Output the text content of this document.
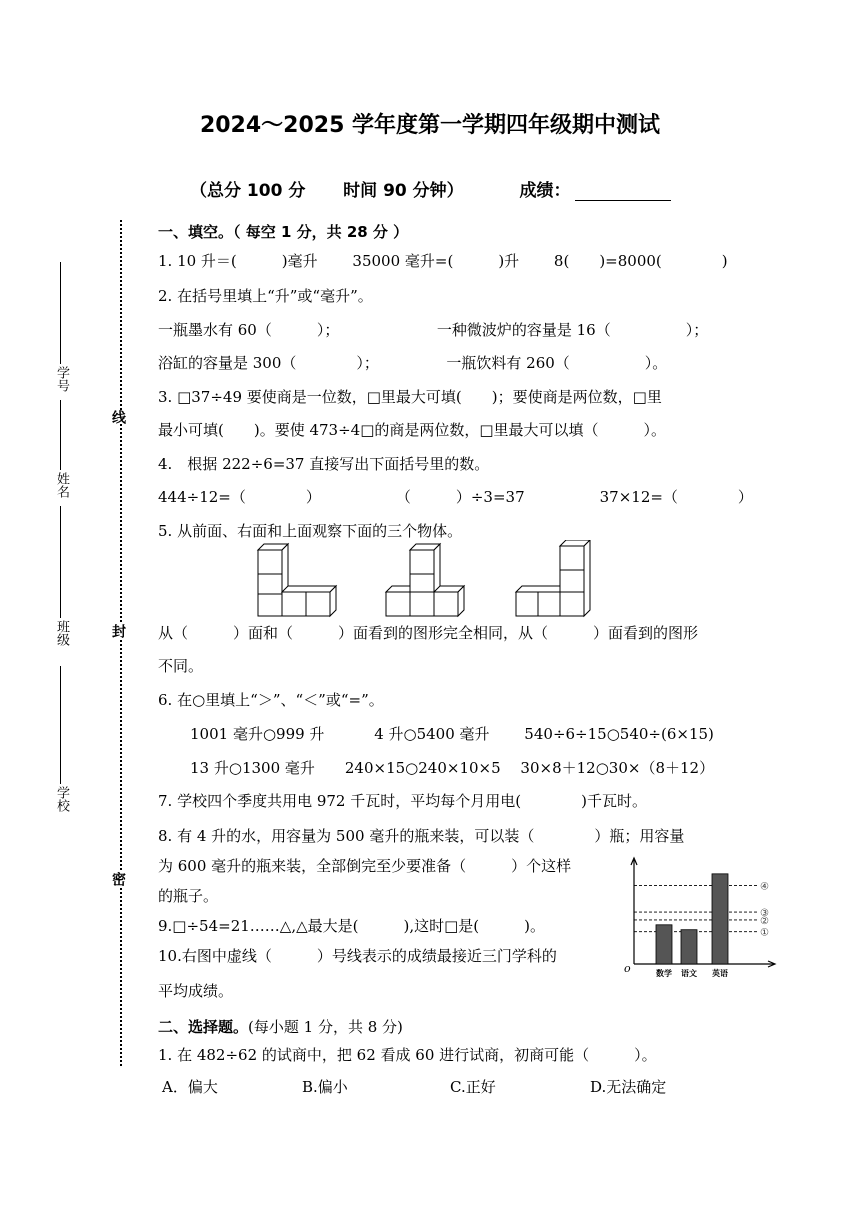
2024～2025 学年度第一学期四年级期中测试
（总分 100 分 时间 90 分钟）	成绩：
学号
姓名
班级
学校
线
封
密
一、填空。（ 每空 1 分，共 28 分 ）
1. 10 升＝(　　　)毫升　　 35000 毫升=(　　　)升　　 8(　　)=8000(　　　　)
2. 在括号里填上“升”或“毫升”。
一瓶墨水有 60（　　　）；　　　　　　　一种微波炉的容量是 16（　　　　　）；
浴缸的容量是 300（　　　　）；　　　　　一瓶饮料有 260（　　　　　）。
3. □37÷49 要使商是一位数，□里最大可填(　　)；要使商是两位数，□里
最小可填(　　)。要使 473÷4□的商是两位数，□里最大可以填（　　　）。
4.　根据 222÷6=37 直接写出下面括号里的数。
444÷12=（　　　　）　　　　　　（　　　）÷3=37　　　　　37×12=（　　　　）
5. 从前面、右面和上面观察下面的三个物体。
从（　　　）面和（　　　）面看到的图形完全相同，从（　　　）面看到的图形
不同。
6. 在○里填上“＞”、“＜”或“=”。
1001 毫升○999 升　　　 4 升○5400 毫升　　 540÷6÷15○540÷(6×15)
13 升○1300 毫升　　240×15○240×10×5　 30×8＋12○30×（8＋12）
7. 学校四个季度共用电 972 千瓦时，平均每个月用电(　　　　)千瓦时。
8. 有 4 升的水，用容量为 500 毫升的瓶来装，可以装（　　　　）瓶；用容量
为 600 毫升的瓶来装，全部倒完至少要准备（　　　）个这样
的瓶子。
9.□÷54=21……△,△最大是(　　　),这时□是(　　　)。
10.右图中虚线（　　　）号线表示的成绩最接近三门学科的
平均成绩。
o
①
②
③
④
数学 语文 英语
二、选择题。(每小题 1 分，共 8 分)
1. 在 482÷62 的试商中，把 62 看成 60 进行试商，初商可能（　　　）。
A．偏大	B.偏小	C.正好	D.无法确定
